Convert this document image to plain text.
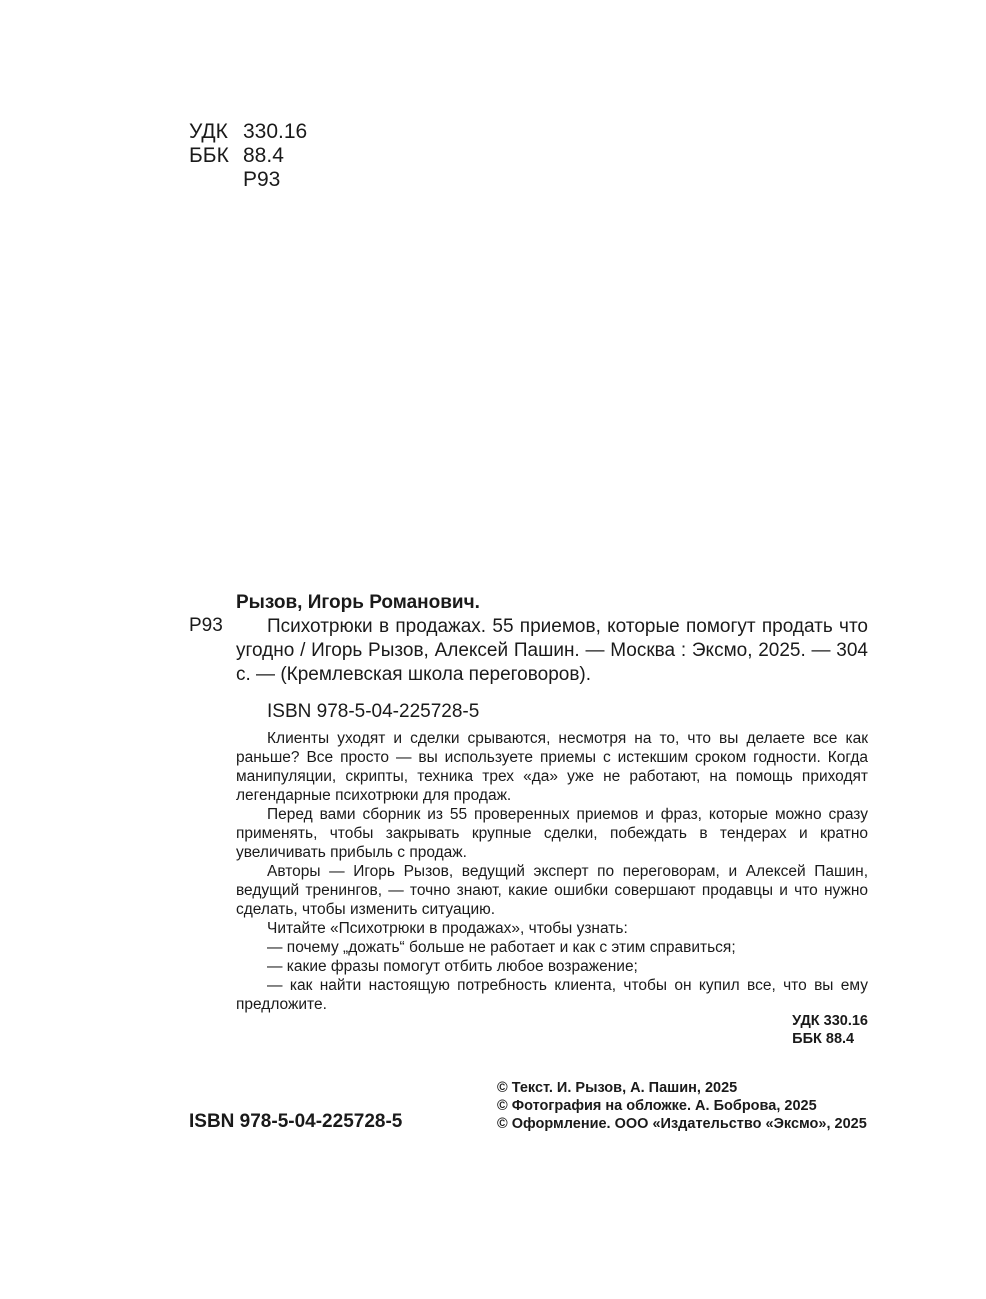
УДК 330.16
ББК 88.4
Р93
Р93
Рызов, Игорь Романович.
Психотрюки в продажах. 55 приемов, которые помогут продать что угодно / Игорь Рызов, Алексей Пашин. — Москва : Эксмо, 2025. — 304 с. — (Кремлевская школа переговоров).
ISBN 978-5-04-225728-5

Клиенты уходят и сделки срываются, несмотря на то, что вы делаете все как раньше? Все просто — вы используете приемы с истекшим сроком годности. Когда манипуляции, скрипты, техника трех «да» уже не работают, на помощь приходят легендарные психотрюки для продаж.

Перед вами сборник из 55 проверенных приемов и фраз, которые можно сразу применять, чтобы закрывать крупные сделки, побеждать в тендерах и кратно увеличивать прибыль с продаж.

Авторы — Игорь Рызов, ведущий эксперт по переговорам, и Алексей Пашин, ведущий тренингов, — точно знают, какие ошибки совершают продавцы и что нужно сделать, чтобы изменить ситуацию.

Читайте «Психотрюки в продажах», чтобы узнать:

— почему „дожать“ больше не работает и как с этим справиться;

— какие фразы помогут отбить любое возражение;

— как найти настоящую потребность клиента, чтобы он купил все, что вы ему предложите.

УДК 330.16
ББК 88.4
© Текст. И. Рызов, А. Пашин, 2025
© Фотография на обложке. А. Боброва, 2025
© Оформление. ООО «Издательство «Эксмо», 2025
ISBN 978-5-04-225728-5
